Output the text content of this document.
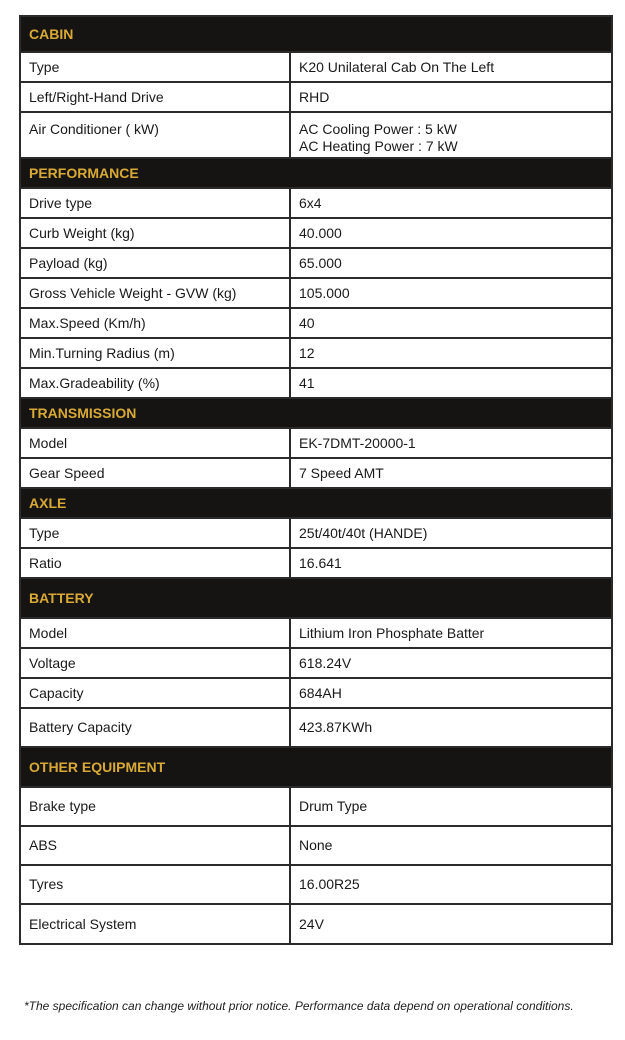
CABIN	
Type	K20 Unilateral Cab On The Left

Left/Right-Hand Drive	RHD

Air Conditioner ( kW)	AC Cooling Power : 5 kW
AC Heating Power : 7 kW

PERFORMANCE	
Drive type	6x4

Curb Weight (kg)	40.000

Payload (kg)	65.000

Gross Vehicle Weight - GVW (kg)	105.000

Max.Speed (Km/h)	40

Min.Turning Radius (m)	12

Max.Gradeability (%)	41

TRANSMISSION	
Model	EK-7DMT-20000-1

Gear Speed	7 Speed AMT

AXLE	
Type	25t/40t/40t (HANDE)

Ratio	16.641

BATTERY	
Model	Lithium Iron Phosphate Batter

Voltage	618.24V

Capacity	684AH

Battery Capacity	423.87KWh

OTHER EQUIPMENT	
Brake type	Drum Type

ABS	None

Tyres	16.00R25

Electrical System	24V
*The specification can change without prior notice. Performance data depend on operational conditions.
